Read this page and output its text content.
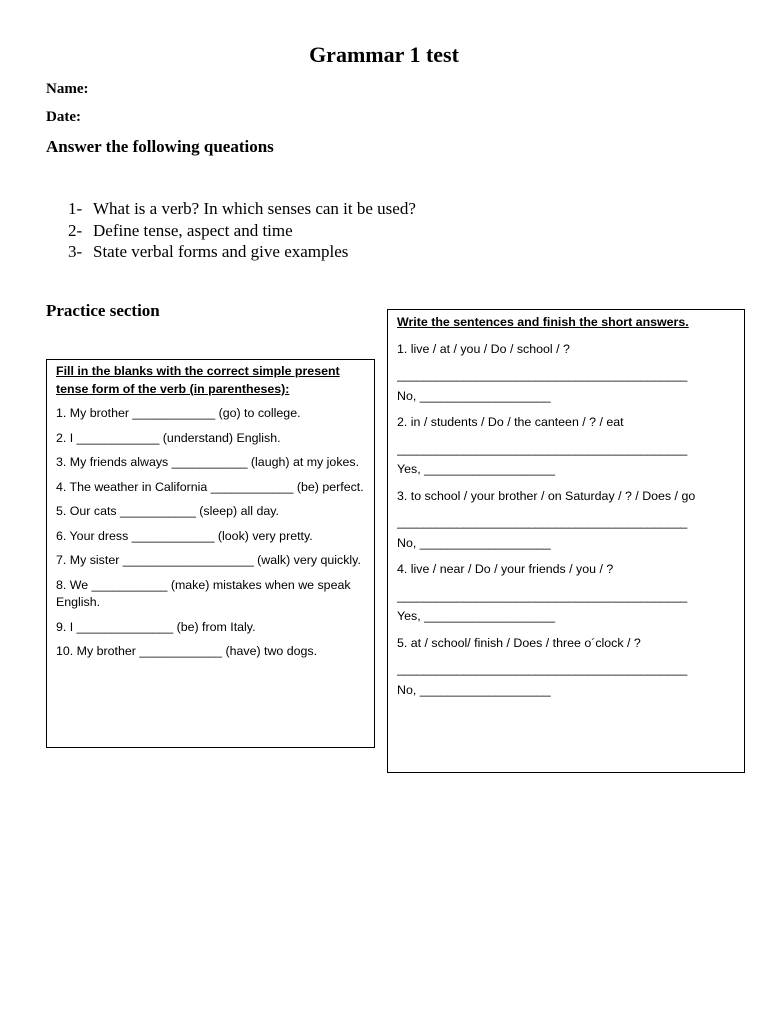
Grammar 1 test
Name:
Date:
Answer the following queations
1- What is a verb? In which senses can it be used?
2- Define tense, aspect and time
3- State verbal forms and give examples
Practice section
Fill in the blanks with the correct simple present tense form of the verb (in parentheses):
1. My brother ____________ (go) to college.
2. I ____________ (understand) English.
3. My friends always ___________ (laugh) at my jokes.
4. The weather in California ____________ (be) perfect.
5. Our cats ___________ (sleep) all day.
6. Your dress ____________ (look) very pretty.
7. My sister ___________________ (walk) very quickly.
8. We ___________ (make) mistakes when we speak English.
9. I ______________ (be) from Italy.
10. My brother ____________ (have) two dogs.
Write the sentences and finish the short answers.
1. live / at / you / Do / school / ?
____________________________________________
No, ___________________
2. in / students / Do / the canteen / ? / eat
____________________________________________
Yes, ___________________
3. to school / your brother / on Saturday / ? / Does / go
____________________________________________
No, ___________________
4. live / near / Do / your friends / you / ?
____________________________________________
Yes, ___________________
5. at / school/ finish / Does / three o´clock / ?
____________________________________________
No, ___________________
